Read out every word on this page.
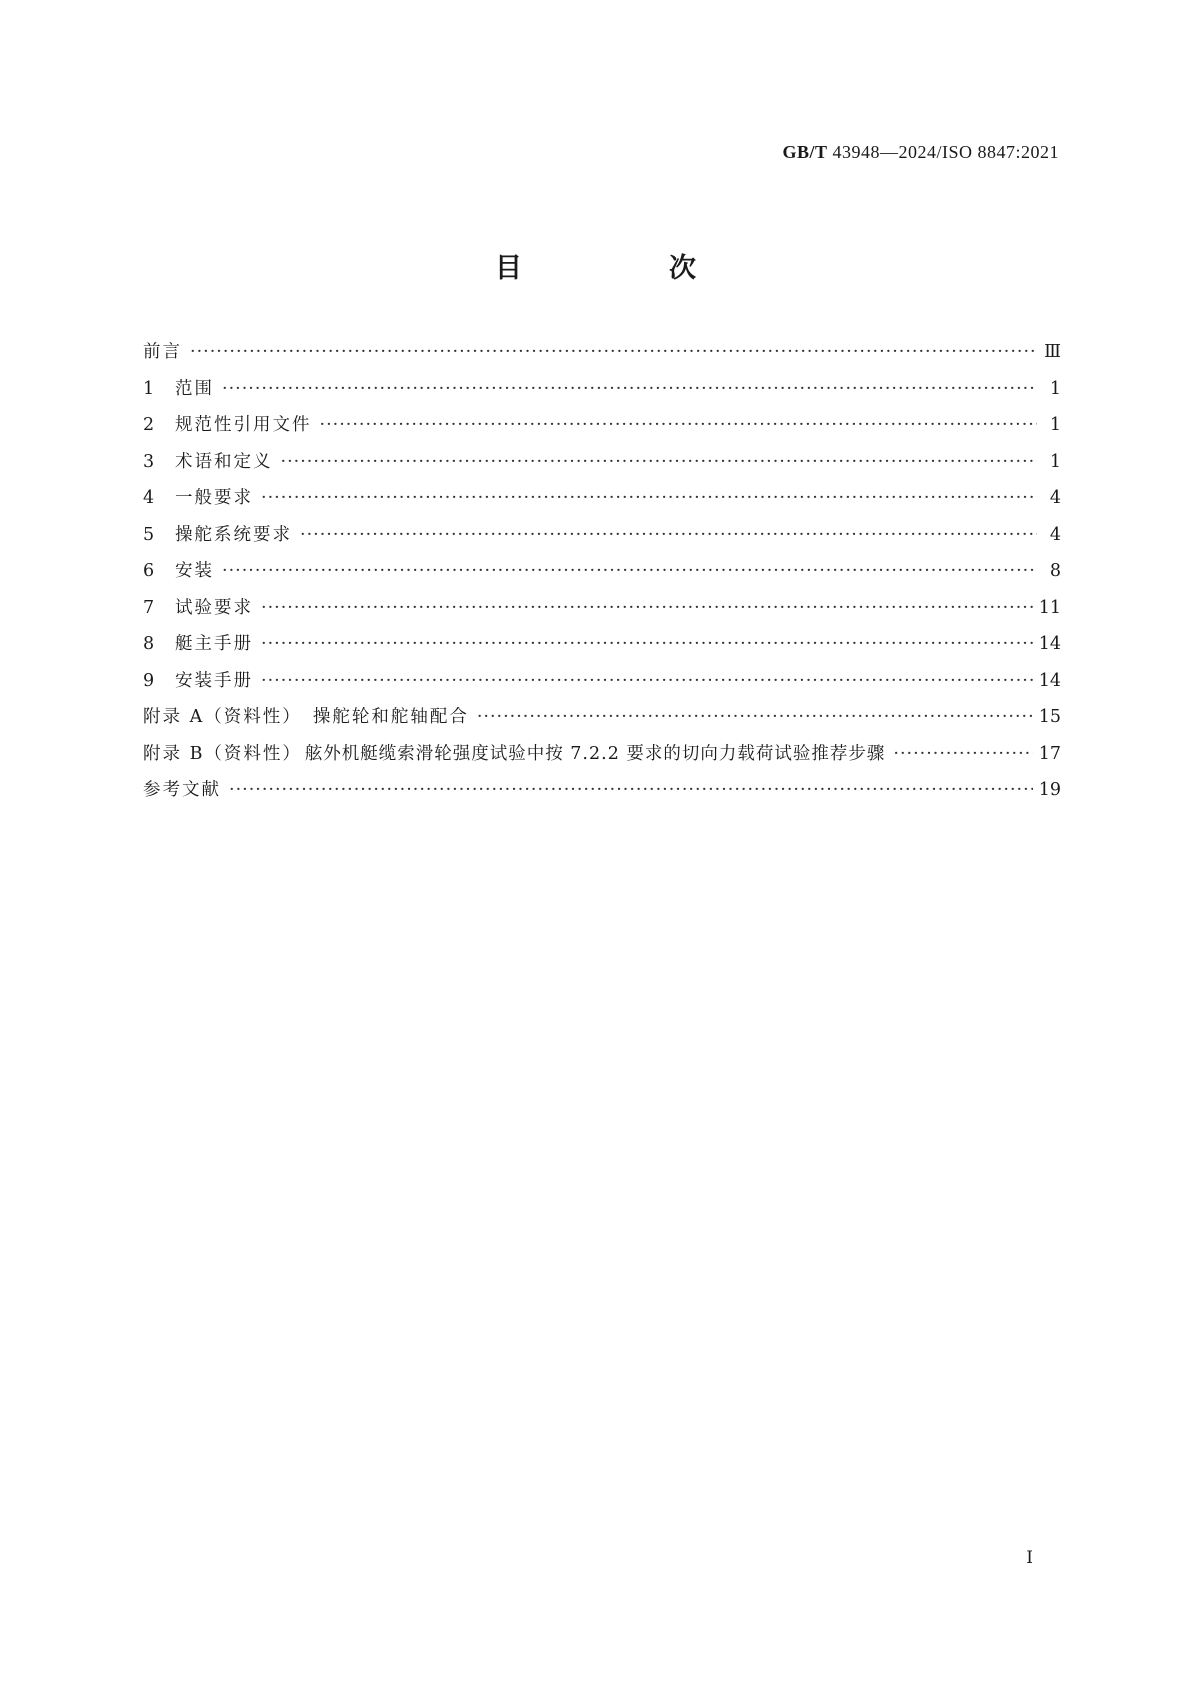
GB/T 43948—2024/ISO 8847:2021
目　次
前言 ·····	Ⅲ
1	范围 ·····	1
2	规范性引用文件 ·····	1
3	术语和定义 ·····	1
4	一般要求 ·····	4
5	操舵系统要求 ·····	4
6	安装 ·····	8
7	试验要求 ·····	11
8	艇主手册 ·····	14
9	安装手册 ·····	14
附录 A（资料性） 操舵轮和舵轴配合 ·····	15
附录 B（资料性） 舷外机艇缆索滑轮强度试验中按 7.2.2 要求的切向力载荷试验推荐步骤 ·····	17
参考文献 ·····	19
Ⅰ
